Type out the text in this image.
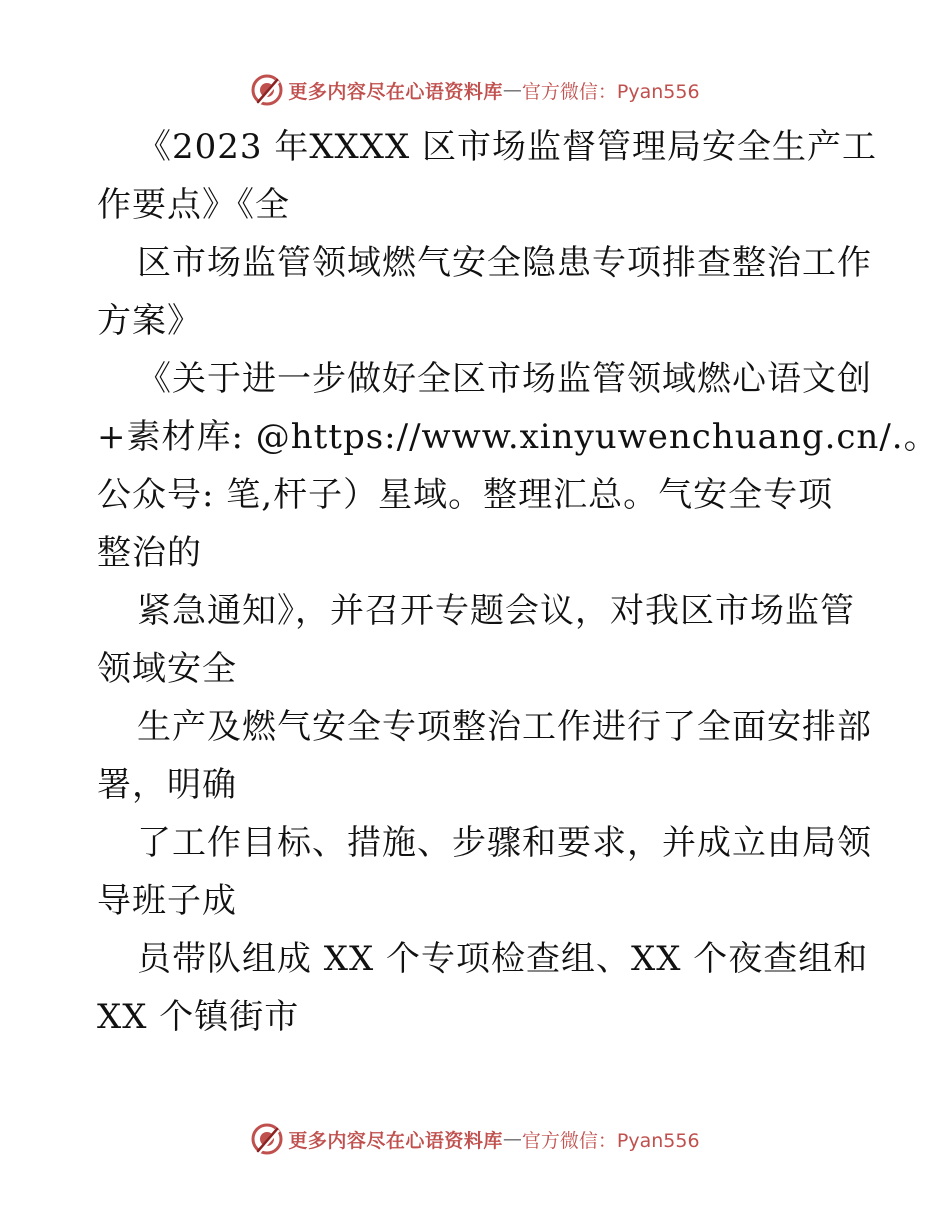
更多内容尽在心语资料库 — 官方微信：Pyan556
《2023 年XXXX 区市场监督管理局安全生产工
作要点》《全
区市场监管领域燃气安全隐患专项排查整治工作
方案》
《关于进一步做好全区市场监管领域燃心语文创
+素材库: @https://www.xinyuwenchuang.cn/.。
公众号: 笔,杆子）星域。整理汇总。气安全专项
整治的
紧急通知》，并召开专题会议，对我区市场监管
领域安全
生产及燃气安全专项整治工作进行了全面安排部
署，明确
了工作目标、措施、步骤和要求，并成立由局领
导班子成
员带队组成 XX 个专项检查组、XX 个夜查组和
XX 个镇街市
更多内容尽在心语资料库 — 官方微信：Pyan556
